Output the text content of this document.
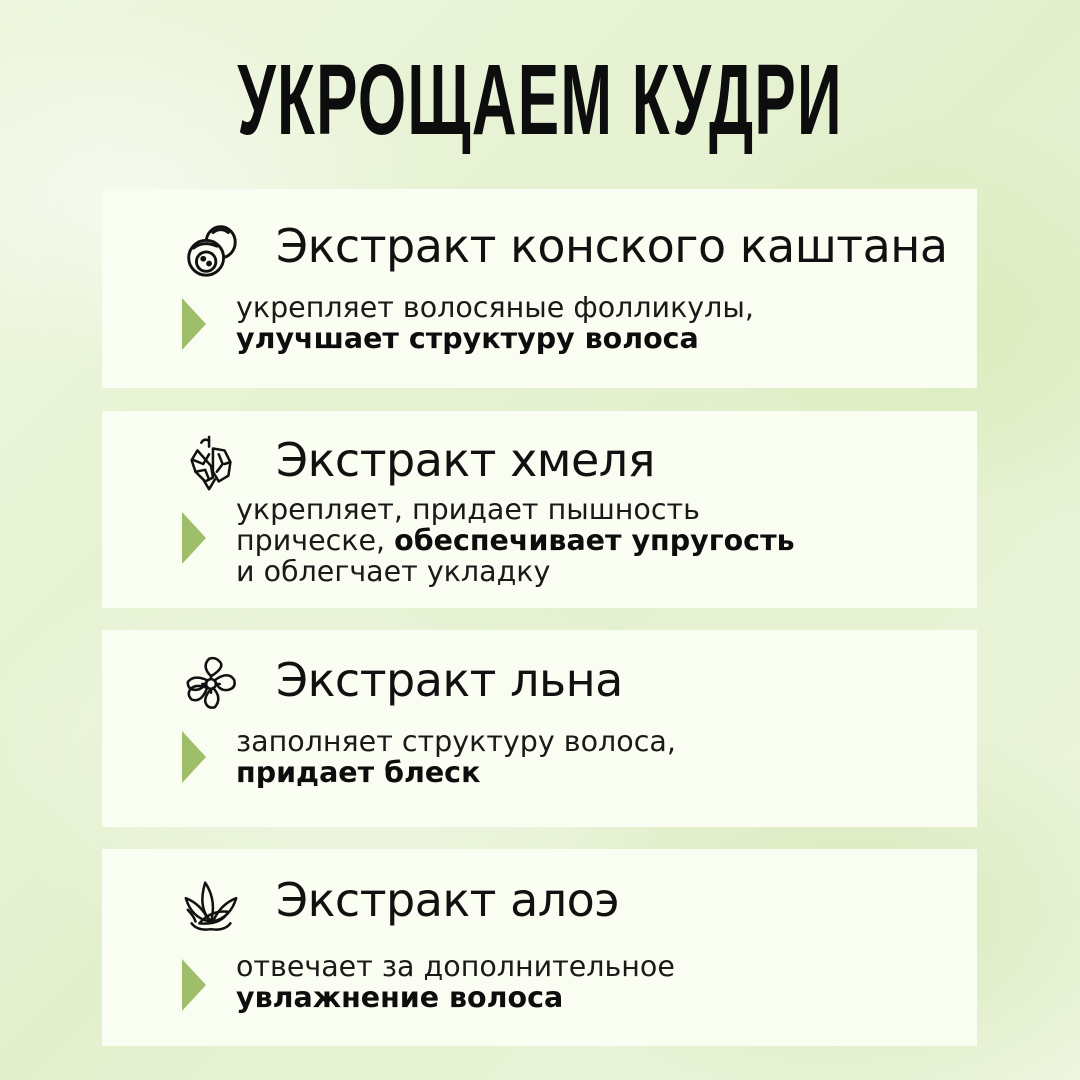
УКРОЩАЕМ КУДРИ
Экстракт конского каштана
укрепляет волосяные фолликулы,
улучшает структуру волоса
Экстракт хмеля
укрепляет, придает пышность
прическе, обеспечивает упругость
и облегчает укладку
Экстракт льна
заполняет структуру волоса,
придает блеск
Экстракт алоэ
отвечает за дополнительное
увлажнение волоса
